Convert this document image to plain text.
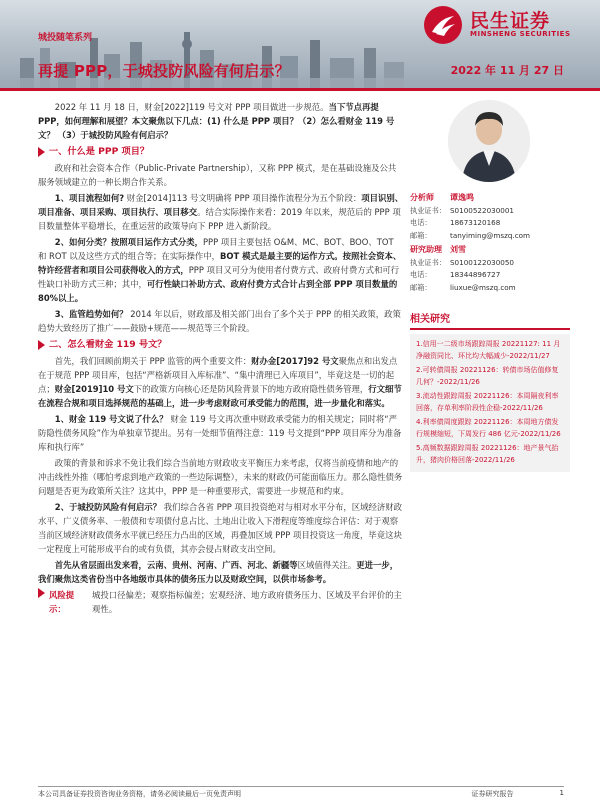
民生证券
MINSHENG SECURITIES
城投随笔系列
再提 PPP，于城投防风险有何启示？	2022 年 11 月 27 日

2022 年 11 月 18 日，财金[2022]119 号文对 PPP 项目做进一步规范。当下节点再提 PPP，如何理解和展望？本文聚焦以下几点：(1) 什么是 PPP 项目？（2）怎么看财金 119 号文？ （3）于城投防风险有何启示？

一、什么是 PPP 项目？

政府和社会资本合作（Public-Private Partnership），又称 PPP 模式，是在基础设施及公共服务领域建立的一种长期合作关系。

1、项目流程如何? 财金[2014]113 号文明确将 PPP 项目操作流程分为五个阶段：项目识别、项目准备、项目采购、项目执行、项目移交。结合实际操作来看：2019 年以来，规范后的 PPP 项目数量整体平稳增长，在重运营的政策导向下 PPP 进入新阶段。

2、如何分类？按照项目运作方式分类，PPP 项目主要包括 O&M、MC、BOT、BOO、TOT 和 ROT 以及这些方式的组合等；在实际操作中，BOT 模式是最主要的运作方式。按照社会资本、特许经营者和项目公司获得收入的方式，PPP 项目又可分为使用者付费方式、政府付费方式和可行性缺口补助方式三种；其中，可行性缺口补助方式、政府付费方式合计占到全部 PPP 项目数量的 80%以上。

3、监管趋势如何？ 2014 年以后，财政部及相关部门出台了多个关于 PPP 的相关政策，政策趋势大致经历了推广——鼓励+规范——规范等三个阶段。

二、怎么看财金 119 号文？

首先，我们回顾前期关于 PPP 监管的两个重要文件：财办金[2017]92 号文聚焦点和出发点在于规范 PPP 项目库，包括“严格新项目入库标准”、“集中清理已入库项目”，毕竟这是一切的起点；财金[2019]10 号文下的政策方向核心还是防风险背景下的地方政府隐性债务管理，行文细节在流程合规和项目选择规范的基础上，进一步考虑财政可承受能力的范围，进一步量化和落实。

1、财金 119 号文说了什么？ 财金 119 号文再次重申财政承受能力的相关规定；同时将“严防隐性债务风险”作为单独章节提出。另有一处细节值得注意：119 号文提到“PPP 项目库分为准备库和执行库”

政策的背景和诉求不免让我们综合当前地方财政收支平衡压力来考虑，仅将当前疫情和地产的冲击线性外推（哪怕考虑到地产政策的一些边际调整），未来的财政仍可能面临压力。那么隐性债务问题是否更为政策所关注？这其中，PPP 是一种重要形式，需要进一步规范和约束。

2、于城投防风险有何启示？ 我们综合各省 PPP 项目投资绝对与相对水平分布，区域经济财政水平、广义债务率、一般债和专项债付息占比、土地出让收入下滑程度等维度综合评估：对于观察当前区域经济财政债务水平就已经压力凸出的区域，再叠加区域 PPP 项目投资这一角度，毕竟这块一定程度上可能形成平台的或有负债，其亦会侵占财政支出空间。

首先从省层面出发来看，云南、贵州、河南、广西、河北、新疆等区域值得关注。更进一步，我们聚焦这类省份当中各地级市具体的债务压力以及财政空间，以供市场参考。

风险提示：
城投口径偏差；观察指标偏差；宏观经济、地方政府债务压力、区域及平台评价的主观性。
分析师	谭逸鸣
执业证书： S0100522030001
电话：	18673120168
邮箱：	tanyiming@mszq.com
研究助理	刘雪
执业证书： S0100122030050
电话：	18344896727
邮箱：	liuxue@mszq.com
相关研究
1.信用一二级市场跟踪周报 20221127: 11 月净融资同比、环比均大幅减少-2022/11/27
2.可转债周报 20221126：转债市场估值修复几何？-2022/11/26
3.流动性跟踪周报 20221126：本周隔夜利率回落，存单利率阶段性企稳-2022/11/26
4.利率债周度跟踪 20221126：本周地方债发行规模缩短，下周发行 486 亿元-2022/11/26
5.高频数据跟踪周报 20221126：地产景气抬升，猪肉价格回落-2022/11/26
本公司具备证券投资咨询业务资格，请务必阅读最后一页免责声明	证券研究报告	1
